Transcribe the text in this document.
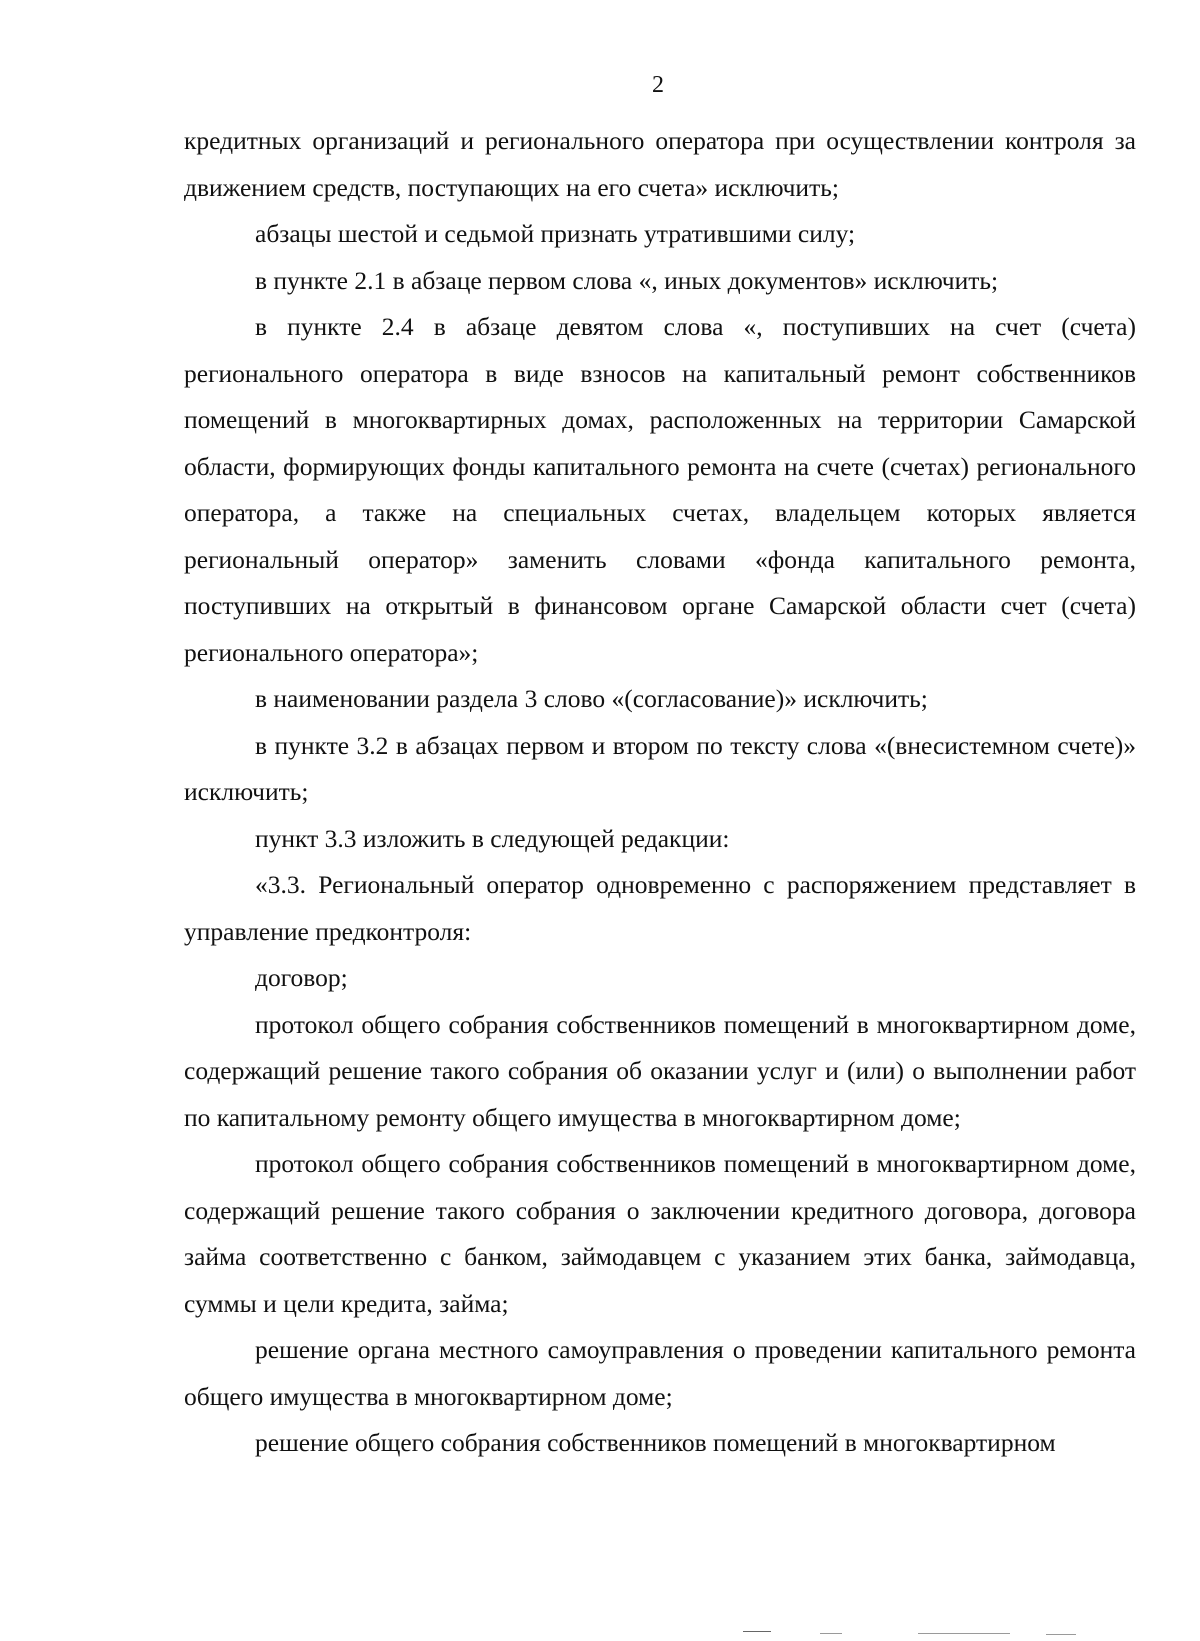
2

кредитных организаций и регионального оператора при осуществлении контроля за движением средств, поступающих на его счета» исключить;

абзацы шестой и седьмой признать утратившими силу;

в пункте 2.1 в абзаце первом слова «, иных документов» исключить;

в пункте 2.4 в абзаце девятом слова «, поступивших на счет (счета) регионального оператора в виде взносов на капитальный ремонт собственников помещений в многоквартирных домах, расположенных на территории Самарской области, формирующих фонды капитального ремонта на счете (счетах) регионального оператора, а также на специальных счетах, владельцем которых является региональный оператор» заменить словами «фонда капитального ремонта, поступивших на открытый в финансовом органе Самарской области счет (счета) регионального оператора»;

в наименовании раздела 3 слово «(согласование)» исключить;

в пункте 3.2 в абзацах первом и втором по тексту слова «(внесистемном счете)» исключить;

пункт 3.3 изложить в следующей редакции:

«3.3. Региональный оператор одновременно с распоряжением представляет в управление предконтроля:

договор;

протокол общего собрания собственников помещений в многоквартирном доме, содержащий решение такого собрания об оказании услуг и (или) о выполнении работ по капитальному ремонту общего имущества в многоквартирном доме;

протокол общего собрания собственников помещений в многоквартирном доме, содержащий решение такого собрания о заключении кредитного договора, договора займа соответственно с банком, займодавцем с указанием этих банка, займодавца, суммы и цели кредита, займа;

решение органа местного самоуправления о проведении капитального ремонта общего имущества в многоквартирном доме;

решение общего собрания собственников помещений в многоквартирном
